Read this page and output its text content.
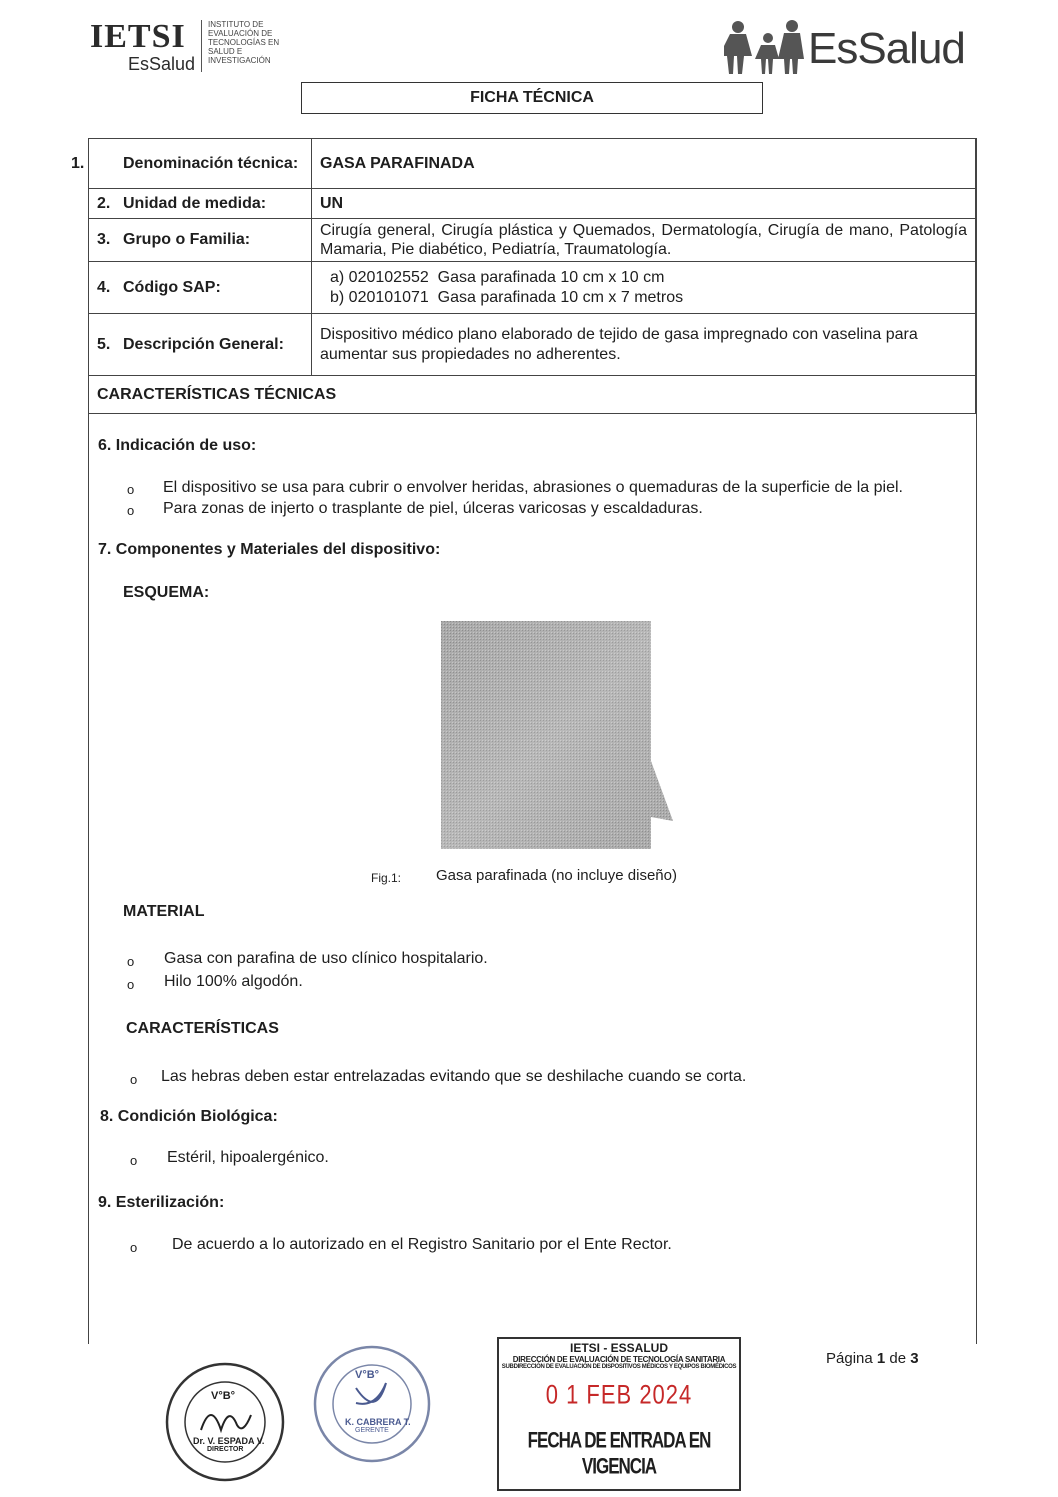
IETSI
EsSalud
INSTITUTO DE
EVALUACIÓN DE
TECNOLOGÍAS EN
SALUD E
INVESTIGACIÓN	EsSalud
FICHA TÉCNICA
1. Denominación técnica:	GASA PARAFINADA
2. Unidad de medida:	UN
3. Grupo o Familia:	Cirugía general, Cirugía plástica y Quemados, Dermatología, Cirugía de mano, Patología Mamaria, Pie diabético, Pediatría, Traumatología.
4. Código SAP:	a) 020102552  Gasa parafinada 10 cm x 10 cm
b) 020101071  Gasa parafinada 10 cm x 7 metros

5. Descripción General:	Dispositivo médico plano elaborado de tejido de gasa impregnado con vaselina para aumentar sus propiedades no adherentes.
CARACTERÍSTICAS TÉCNICAS	
6. Indicación de uso:
o El dispositivo se usa para cubrir o envolver heridas, abrasiones o quemaduras de la superficie de la piel.
o Para zonas de injerto o trasplante de piel, úlceras varicosas y escaldaduras.
7. Componentes y Materiales del dispositivo:
ESQUEMA:
Fig.1: Gasa parafinada (no incluye diseño)
MATERIAL
o Gasa con parafina de uso clínico hospitalario.
o Hilo 100% algodón.
CARACTERÍSTICAS
o Las hebras deben estar entrelazadas evitando que se deshilache cuando se corta.
8. Condición Biológica:
o Estéril, hipoalergénico.
9. Esterilización:
o De acuerdo a lo autorizado en el Registro Sanitario por el Ente Rector.
V°B°
Dr. V. ESPADA V.
DIRECTOR
V°B°
K. CABRERA T.
GERENTE
IETSI - ESSALUD
DIRECCIÓN DE EVALUACIÓN DE TECNOLOGÍA SANITARIA
SUBDIRECCIÓN DE EVALUACIÓN DE DISPOSITIVOS MÉDICOS Y EQUIPOS BIOMÉDICOS
0 1 FEB 2024
FECHA DE ENTRADA EN VIGENCIA
Página 1 de 3
